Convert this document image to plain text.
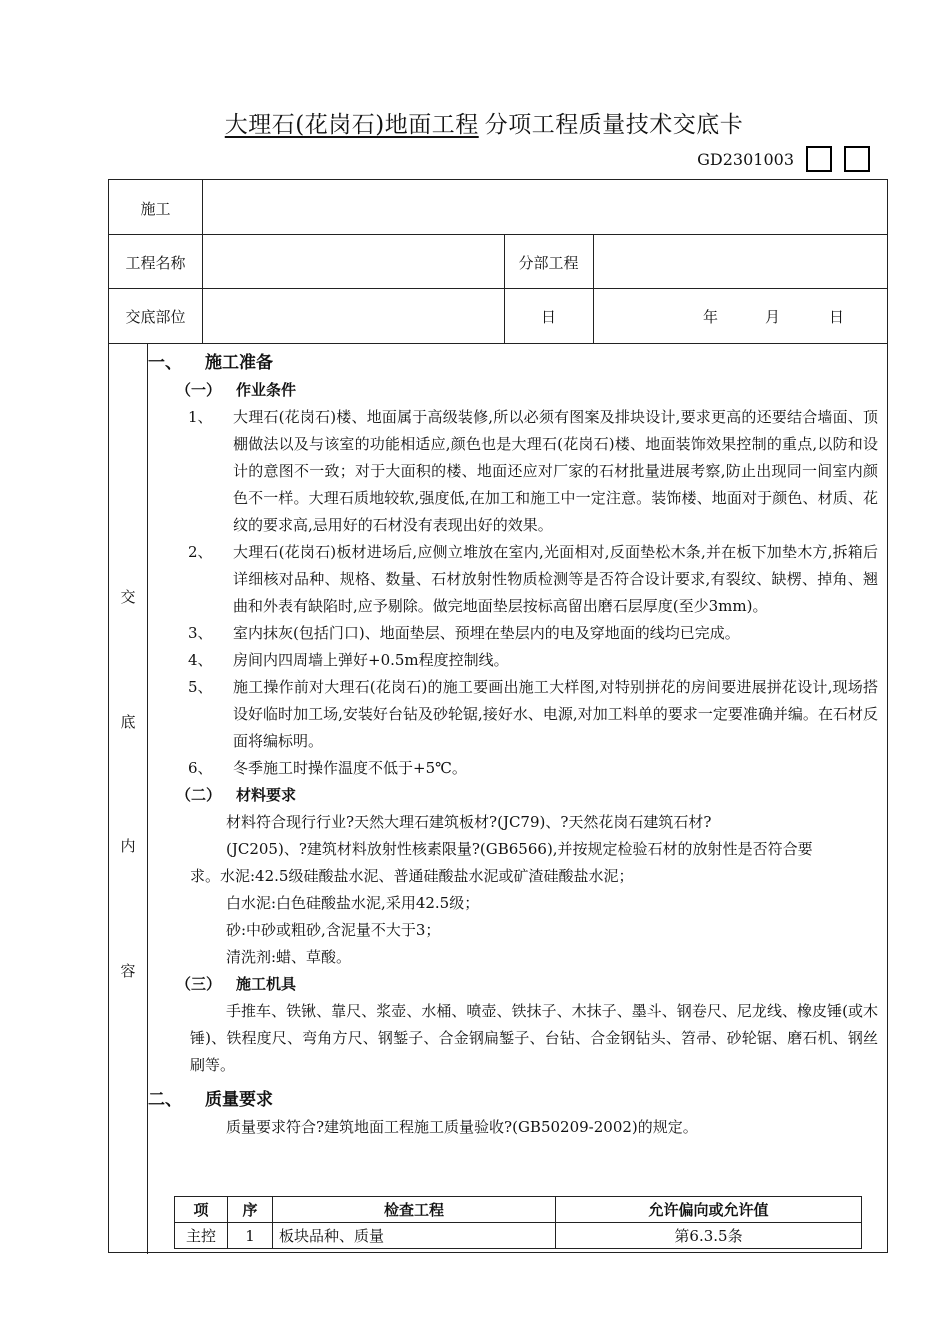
大理石(花岗石)地面工程 分项工程质量技术交底卡
GD2301003
施工
工程名称	分部工程
交底部位	日	年	月	日
交
底
内
容

一、 施工准备

（一） 作业条件

1、	大理石(花岗石)楼、地面属于高级装修,所以必须有图案及排块设计,要求更高的还要结合墙面、顶棚做法以及与该室的功能相适应,颜色也是大理石(花岗石)楼、地面装饰效果控制的重点,以防和设计的意图不一致；对于大面积的楼、地面还应对厂家的石材批量进展考察,防止出现同一间室内颜色不一样。大理石质地较软,强度低,在加工和施工中一定注意。装饰楼、地面对于颜色、材质、花纹的要求高,忌用好的石材没有表现出好的效果。
2、	大理石(花岗石)板材进场后,应侧立堆放在室内,光面相对,反面垫松木条,并在板下加垫木方,拆箱后详细核对品种、规格、数量、石材放射性物质检测等是否符合设计要求,有裂纹、缺楞、掉角、翘曲和外表有缺陷时,应予剔除。做完地面垫层按标高留出磨石层厚度(至少3mm)。
3、	室内抹灰(包括门口)、地面垫层、预埋在垫层内的电及穿地面的线均已完成。
4、	房间内四周墙上弹好+0.5m程度控制线。
5、	施工操作前对大理石(花岗石)的施工要画出施工大样图,对特别拼花的房间要进展拼花设计,现场搭设好临时加工场,安装好台钻及砂轮锯,接好水、电源,对加工料单的要求一定要准确并编。在石材反面将编标明。
6、	冬季施工时操作温度不低于+5℃。

（二） 材料要求

材料符合现行行业?天然大理石建筑板材?(JC79)、?天然花岗石建筑石材?

(JC205)、?建筑材料放射性核素限量?(GB6566),并按规定检验石材的放射性是否符合要

求。水泥:42.5级硅酸盐水泥、普通硅酸盐水泥或矿渣硅酸盐水泥；

白水泥:白色硅酸盐水泥,采用42.5级；

砂:中砂或粗砂,含泥量不大于3；

清洗剂:蜡、草酸。

（三） 施工机具

手推车、铁锹、靠尺、浆壶、水桶、喷壶、铁抹子、木抹子、墨斗、钢卷尺、尼龙线、橡皮锤(或木锤)、铁程度尺、弯角方尺、钢錾子、合金钢扁錾子、台钻、合金钢钻头、笤帚、砂轮锯、磨石机、钢丝刷等。

二、 质量要求

质量要求符合?建筑地面工程施工质量验收?(GB50209-2002)的规定。

项	序	检查工程	允许偏向或允许值
主控	1	板块品种、质量	第6.3.5条
